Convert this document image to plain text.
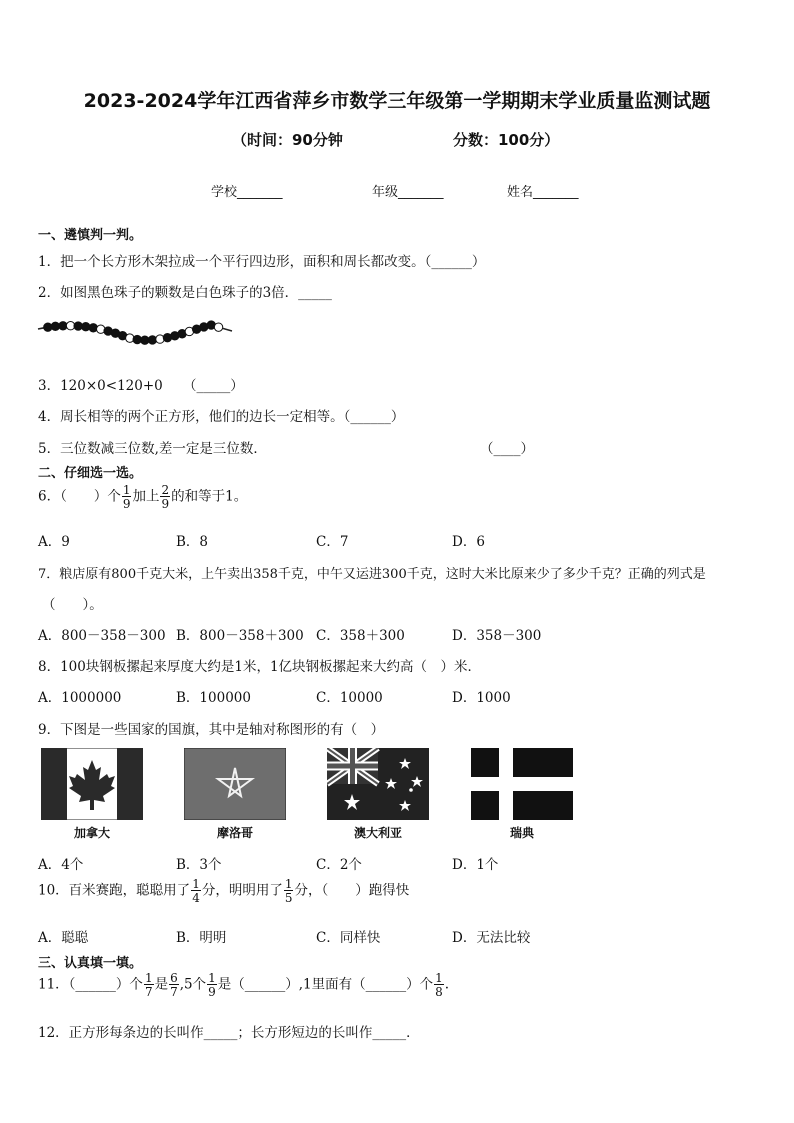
2023-2024学年江西省萍乡市数学三年级第一学期期末学业质量监测试题
（时间：90分钟	分数：100分）
学校_______	年级_______	姓名_______
一、遴慎判一判。
1．把一个长方形木架拉成一个平行四边形，面积和周长都改变。（______）
2．如图黑色珠子的颗数是白色珠子的3倍．_____
3．120×0<120+0　　（_____）
4．周长相等的两个正方形，他们的边长一定相等。（______）
5．三位数减三位数,差一定是三位数．	（____）
二、仔细选一选。
6．（　　）个 $\frac{1}{9}$ 加上 $\frac{2}{9}$ 的和等于1。
A．9	B．8	C．7	D．6
7．粮店原有800千克大米，上午卖出358千克，中午又运进300千克，这时大米比原来少了多少千克？正确的列式是
（　　）。
A．800－358－300 B．800－358＋300 C．358＋300	D．358－300
8．100块钢板摞起来厚度大约是1米，1亿块钢板摞起来大约高（　）米．
A．1000000	B．100000	C．10000	D．1000
9．下图是一些国家的国旗，其中是轴对称图形的有（　）
加拿大	摩洛哥	澳大利亚	瑞典
A．4个	B．3个	C．2个	D．1个
10．百米赛跑，聪聪用了 $\frac{1}{4}$ 分，明明用了 $\frac{1}{5}$ 分，（　　）跑得快
A．聪聪	B．明明	C．同样快	D．无法比较
三、认真填一填。
11．（______）个 $\frac{1}{7}$ 是 $\frac{6}{7} ,5$个 $\frac{1}{9}$ 是（______）,1里面有（______）个 $\frac{1}{8}$ .
12．正方形每条边的长叫作_____；长方形短边的长叫作_____．
